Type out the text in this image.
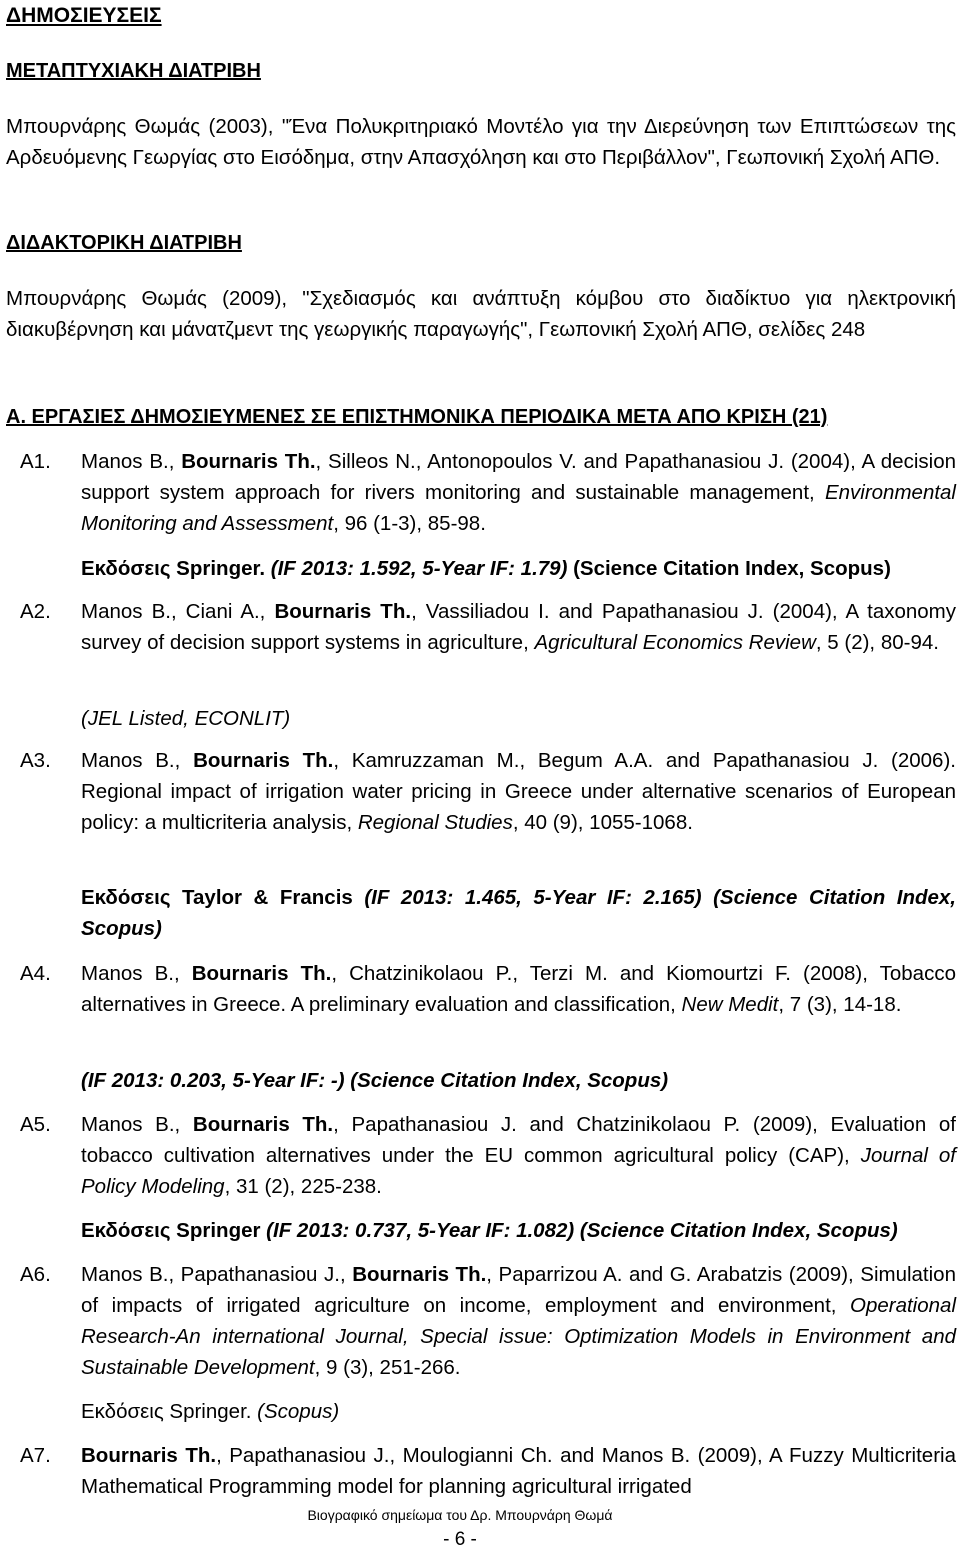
ΔΗΜΟΣΙΕΥΣΕΙΣ
ΜΕΤΑΠΤΥΧΙΑΚΗ ΔΙΑΤΡΙΒΗ
Μπουρνάρης Θωμάς (2003), "Ένα Πολυκριτηριακό Μοντέλο για την Διερεύνηση των Επιπτώσεων της Αρδευόμενης Γεωργίας στο Εισόδημα, στην Απασχόληση και στο Περιβάλλον", Γεωπονική Σχολή ΑΠΘ.
ΔΙΔΑΚΤΟΡΙΚΗ ΔΙΑΤΡΙΒΗ
Μπουρνάρης Θωμάς (2009), "Σχεδιασμός και ανάπτυξη κόμβου στο διαδίκτυο για ηλεκτρονική διακυβέρνηση και μάνατζμεντ της γεωργικής παραγωγής", Γεωπονική Σχολή ΑΠΘ, σελίδες 248
Α. ΕΡΓΑΣΙΕΣ ΔΗΜΟΣΙΕΥΜΕΝΕΣ ΣΕ ΕΠΙΣΤΗΜΟΝΙΚΑ ΠΕΡΙΟΔΙΚΑ ΜΕΤΑ ΑΠΟ ΚΡΙΣΗ (21)
Α1. Manos B., Bournaris Th., Silleos N., Antonopoulos V. and Papathanasiou J. (2004), A decision support system approach for rivers monitoring and sustainable management, Environmental Monitoring and Assessment, 96 (1-3), 85-98.
Εκδόσεις Springer. (IF 2013: 1.592, 5-Year IF: 1.79) (Science Citation Index, Scopus)
Α2. Manos B., Ciani A., Bournaris Th., Vassiliadou I. and Papathanasiou J. (2004), A taxonomy survey of decision support systems in agriculture, Agricultural Economics Review, 5 (2), 80-94.
(JEL Listed, ECONLIT)
Α3. Manos B., Bournaris Th., Kamruzzaman M., Begum A.A. and Papathanasiou J. (2006). Regional impact of irrigation water pricing in Greece under alternative scenarios of European policy: a multicriteria analysis, Regional Studies, 40 (9), 1055-1068.
Εκδόσεις Taylor & Francis (IF 2013: 1.465, 5-Year IF: 2.165) (Science Citation Index, Scopus)
Α4. Manos B., Bournaris Th., Chatzinikolaou P., Terzi M. and Kiomourtzi F. (2008), Tobacco alternatives in Greece. A preliminary evaluation and classification, New Medit, 7 (3), 14-18.
(IF 2013: 0.203, 5-Year IF: -) (Science Citation Index, Scopus)
Α5. Manos B., Bournaris Th., Papathanasiou J. and Chatzinikolaou P. (2009), Evaluation of tobacco cultivation alternatives under the EU common agricultural policy (CAP), Journal of Policy Modeling, 31 (2), 225-238.
Εκδόσεις Springer (IF 2013: 0.737, 5-Year IF: 1.082) (Science Citation Index, Scopus)
Α6. Manos B., Papathanasiou J., Bournaris Th., Paparrizou A. and G. Arabatzis (2009), Simulation of impacts of irrigated agriculture on income, employment and environment, Operational Research-An international Journal, Special issue: Optimization Models in Environment and Sustainable Development, 9 (3), 251-266.
Εκδόσεις Springer. (Scopus)
Α7. Bournaris Th., Papathanasiou J., Moulogianni Ch. and Manos B. (2009), A Fuzzy Multicriteria Mathematical Programming model for planning agricultural irrigated
Βιογραφικό σημείωμα του Δρ. Μπουρνάρη Θωμά
- 6 -
